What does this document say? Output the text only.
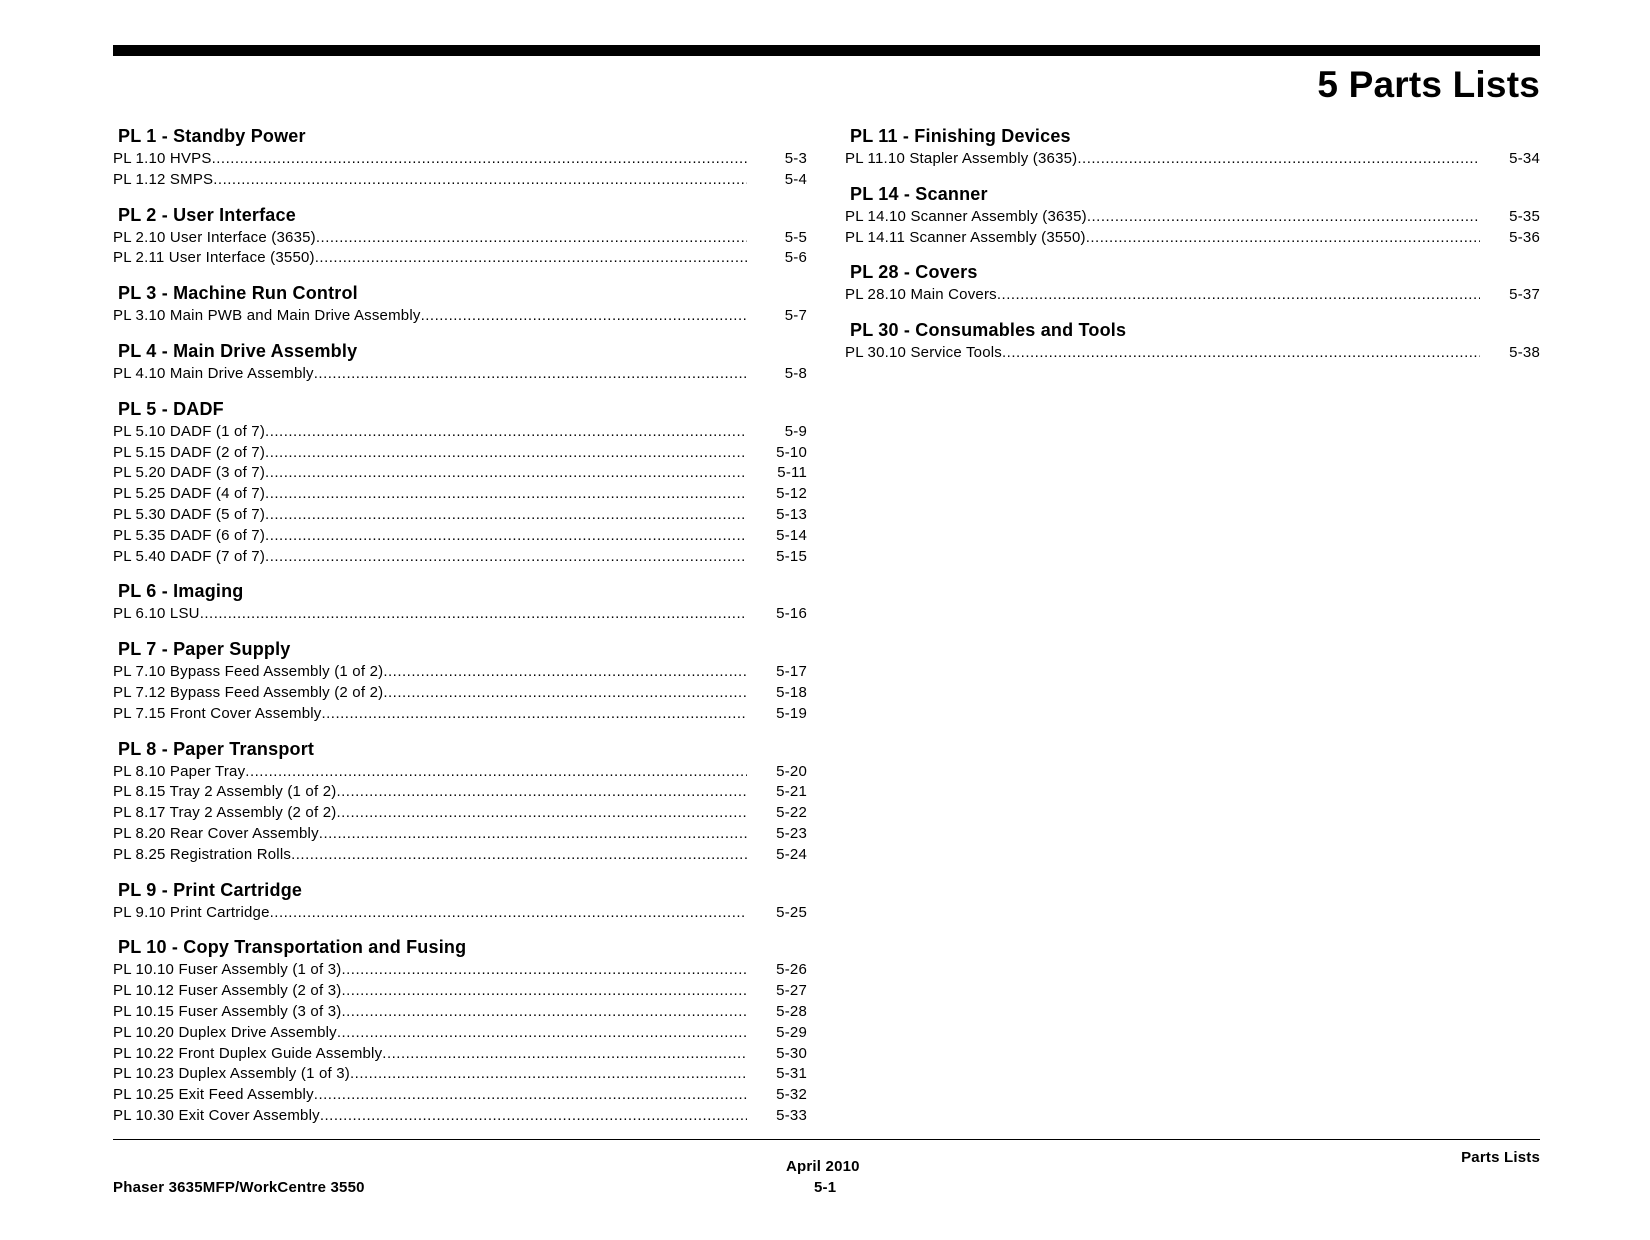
5 Parts Lists
PL 1 - Standby Power
PL 1.10 HVPS .....	5-3
PL 1.12 SMPS .....	5-4
PL 2 - User Interface
PL 2.10 User Interface (3635) .....	5-5
PL 2.11 User Interface (3550) .....	5-6
PL 3 - Machine Run Control
PL 3.10 Main PWB and Main Drive Assembly .....	5-7
PL 4 - Main Drive Assembly
PL 4.10 Main Drive Assembly .....	5-8
PL 5 - DADF
PL 5.10 DADF (1 of 7) .....	5-9
PL 5.15 DADF (2 of 7) .....	5-10
PL 5.20 DADF (3 of 7) .....	5-11
PL 5.25 DADF (4 of 7) .....	5-12
PL 5.30 DADF (5 of 7) .....	5-13
PL 5.35 DADF (6 of 7) .....	5-14
PL 5.40 DADF (7 of 7) .....	5-15
PL 6 - Imaging
PL 6.10 LSU .....	5-16
PL 7 - Paper Supply
PL 7.10 Bypass Feed Assembly (1 of 2) .....	5-17
PL 7.12 Bypass Feed Assembly (2 of 2) .....	5-18
PL 7.15 Front Cover Assembly .....	5-19
PL 8 - Paper Transport
PL 8.10 Paper Tray .....	5-20
PL 8.15 Tray 2 Assembly (1 of 2) .....	5-21
PL 8.17 Tray 2 Assembly (2 of 2) .....	5-22
PL 8.20 Rear Cover Assembly .....	5-23
PL 8.25 Registration Rolls .....	5-24
PL 9 - Print Cartridge
PL 9.10 Print Cartridge .....	5-25
PL 10 - Copy Transportation and Fusing
PL 10.10 Fuser Assembly (1 of 3) .....	5-26
PL 10.12 Fuser Assembly (2 of 3) .....	5-27
PL 10.15 Fuser Assembly (3 of 3) .....	5-28
PL 10.20 Duplex Drive Assembly .....	5-29
PL 10.22 Front Duplex Guide Assembly .....	5-30
PL 10.23 Duplex Assembly (1 of 3) .....	5-31
PL 10.25 Exit Feed Assembly .....	5-32
PL 10.30 Exit Cover Assembly .....	5-33
PL 11 - Finishing Devices
PL 11.10 Stapler Assembly (3635) .....	5-34
PL 14 - Scanner
PL 14.10 Scanner Assembly (3635) .....	5-35
PL 14.11 Scanner Assembly (3550) .....	5-36
PL 28 - Covers
PL 28.10 Main Covers .....	5-37
PL 30 - Consumables and Tools
PL 30.10 Service Tools .....	5-38
Phaser 3635MFP/WorkCentre 3550
April 2010
5-1
Parts Lists
